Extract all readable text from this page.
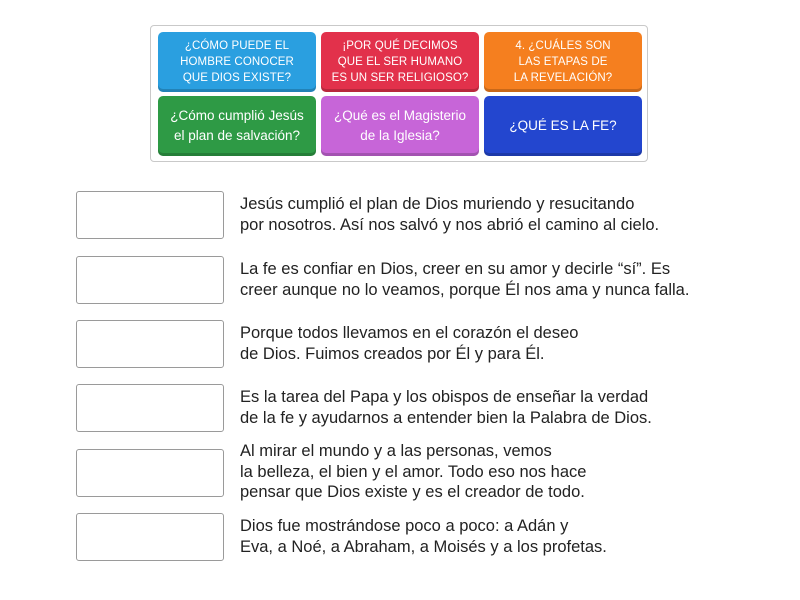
¿CÓMO PUEDE EL
HOMBRE CONOCER
QUE DIOS EXISTE?
¡POR QUÉ DECIMOS
QUE EL SER HUMANO
ES UN SER RELIGIOSO?
4. ¿CUÁLES SON
LAS ETAPAS DE
LA REVELACIÓN?
¿Cómo cumplió Jesús
el plan de salvación?
¿Qué es el Magisterio
de la Iglesia?
¿QUÉ ES LA FE?
Jesús cumplió el plan de Dios muriendo y resucitando
por nosotros. Así nos salvó y nos abrió el camino al cielo.
La fe es confiar en Dios, creer en su amor y decirle “sí”. Es
creer aunque no lo veamos, porque Él nos ama y nunca falla.
Porque todos llevamos en el corazón el deseo
de Dios. Fuimos creados por Él y para Él.
Es la tarea del Papa y los obispos de enseñar la verdad
de la fe y ayudarnos a entender bien la Palabra de Dios.
Al mirar el mundo y a las personas, vemos
la belleza, el bien y el amor. Todo eso nos hace
pensar que Dios existe y es el creador de todo.
Dios fue mostrándose poco a poco: a Adán y
Eva, a Noé, a Abraham, a Moisés y a los profetas.
